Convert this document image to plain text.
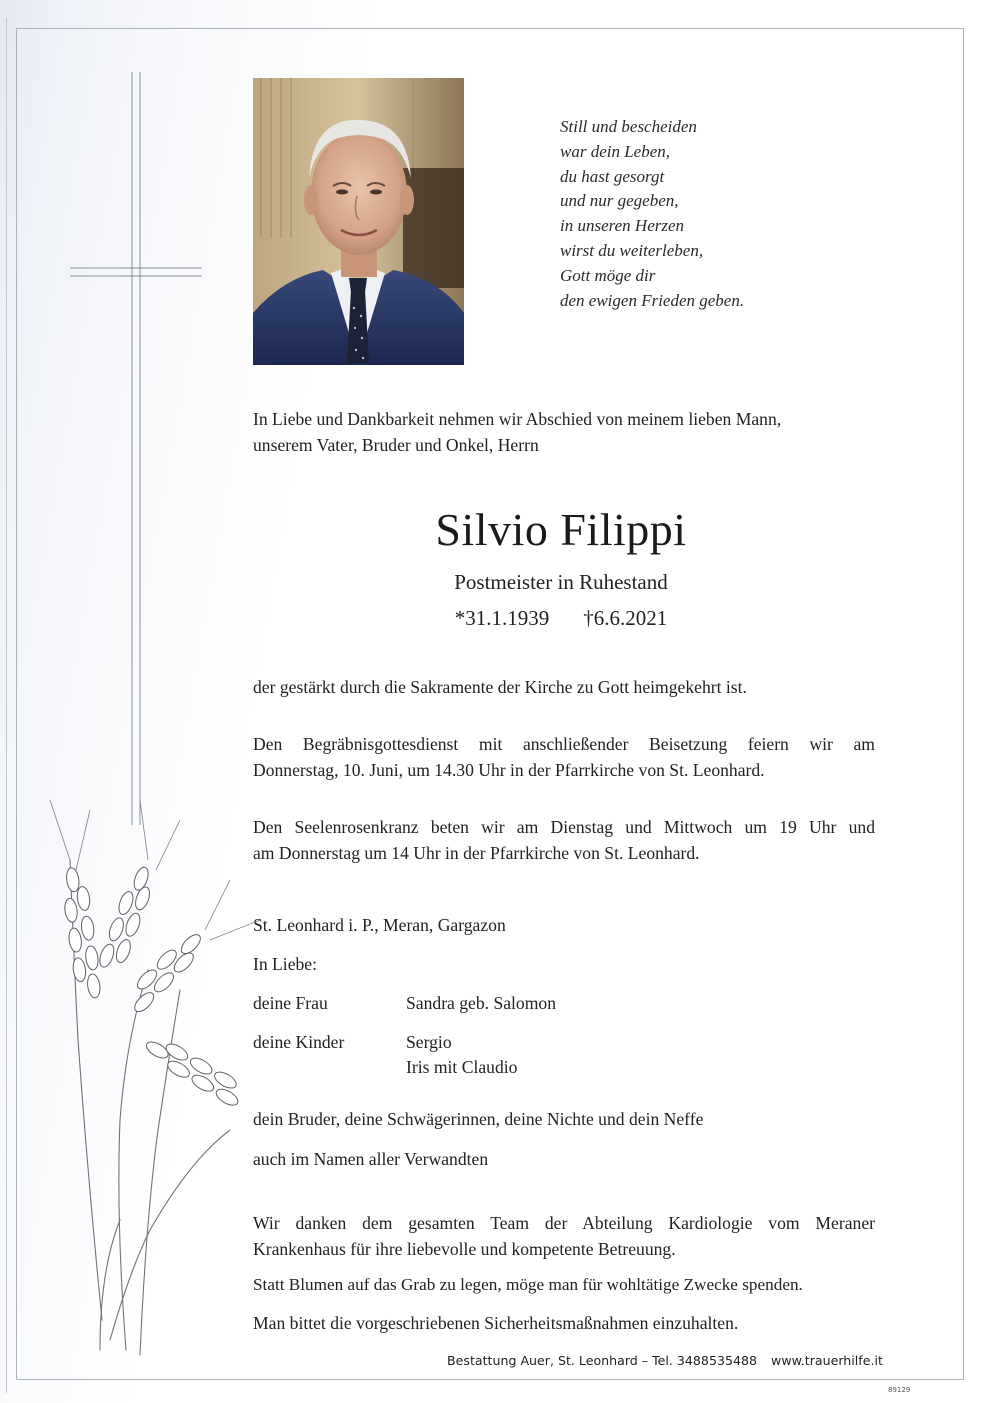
Still und bescheiden
war dein Leben,
du hast gesorgt
und nur gegeben,
in unseren Herzen
wirst du weiterleben,
Gott möge dir
den ewigen Frieden geben.
In Liebe und Dankbarkeit nehmen wir Abschied von meinem lieben Mann,
unserem Vater, Bruder und Onkel, Herrn
Silvio Filippi
Postmeister in Ruhestand
*31.1.1939 †6.6.2021
der gestärkt durch die Sakramente der Kirche zu Gott heimgekehrt ist.
Den Begräbnisgottesdienst mit anschließender Beisetzung feiern wir am
Donnerstag, 10. Juni, um 14.30 Uhr in der Pfarrkirche von St. Leonhard.
Den Seelenrosenkranz beten wir am Dienstag und Mittwoch um 19 Uhr und
am Donnerstag um 14 Uhr in der Pfarrkirche von St. Leonhard.
St. Leonhard i. P., Meran, Gargazon
In Liebe:
deine Frau	Sandra geb. Salomon
deine Kinder	Sergio
Iris mit Claudio
dein Bruder, deine Schwägerinnen, deine Nichte und dein Neffe
auch im Namen aller Verwandten
Wir danken dem gesamten Team der Abteilung Kardiologie vom Meraner
Krankenhaus für ihre liebevolle und kompetente Betreuung.
Statt Blumen auf das Grab zu legen, möge man für wohltätige Zwecke spenden.
Man bittet die vorgeschriebenen Sicherheitsmaßnahmen einzuhalten.
Bestattung Auer, St. Leonhard – Tel. 3488535488 www.trauerhilfe.it
89129
